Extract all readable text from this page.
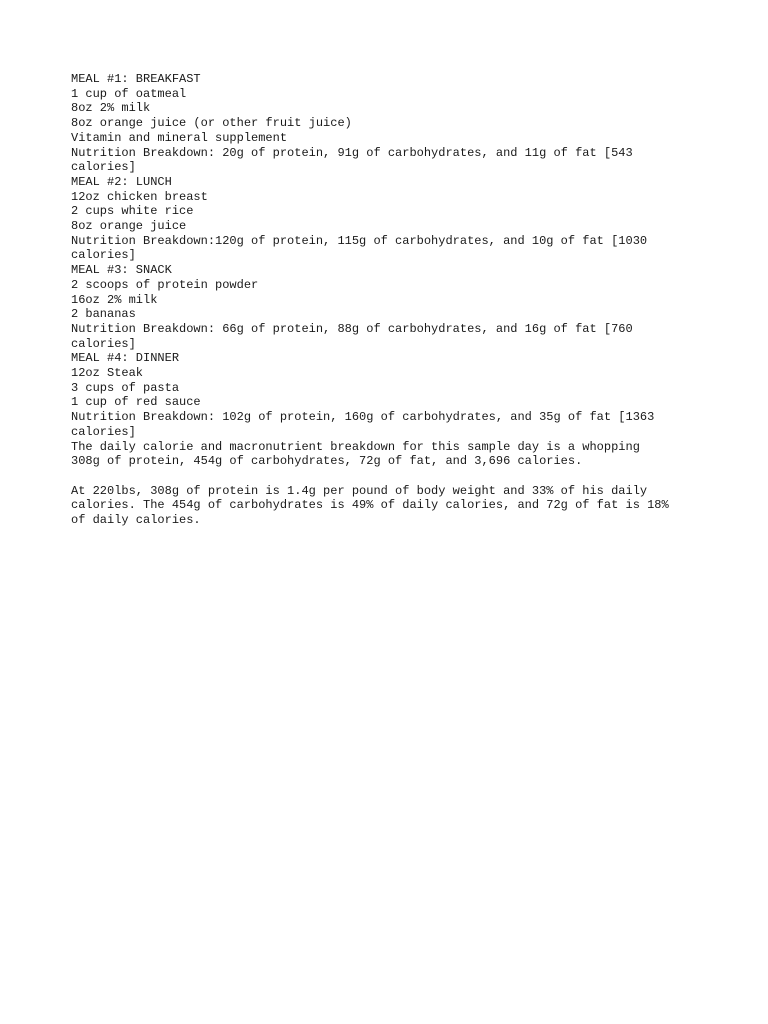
MEAL #1: BREAKFAST
1 cup of oatmeal
8oz 2% milk
8oz orange juice (or other fruit juice)
Vitamin and mineral supplement
Nutrition Breakdown: 20g of protein, 91g of carbohydrates, and 11g of fat [543
calories]
MEAL #2: LUNCH
12oz chicken breast
2 cups white rice
8oz orange juice
Nutrition Breakdown:120g of protein, 115g of carbohydrates, and 10g of fat [1030
calories]
MEAL #3: SNACK
2 scoops of protein powder
16oz 2% milk
2 bananas
Nutrition Breakdown: 66g of protein, 88g of carbohydrates, and 16g of fat [760
calories]
MEAL #4: DINNER
12oz Steak
3 cups of pasta
1 cup of red sauce
Nutrition Breakdown: 102g of protein, 160g of carbohydrates, and 35g of fat [1363
calories]
The daily calorie and macronutrient breakdown for this sample day is a whopping
308g of protein, 454g of carbohydrates, 72g of fat, and 3,696 calories.
At 220lbs, 308g of protein is 1.4g per pound of body weight and 33% of his daily
calories. The 454g of carbohydrates is 49% of daily calories, and 72g of fat is 18%
of daily calories.
